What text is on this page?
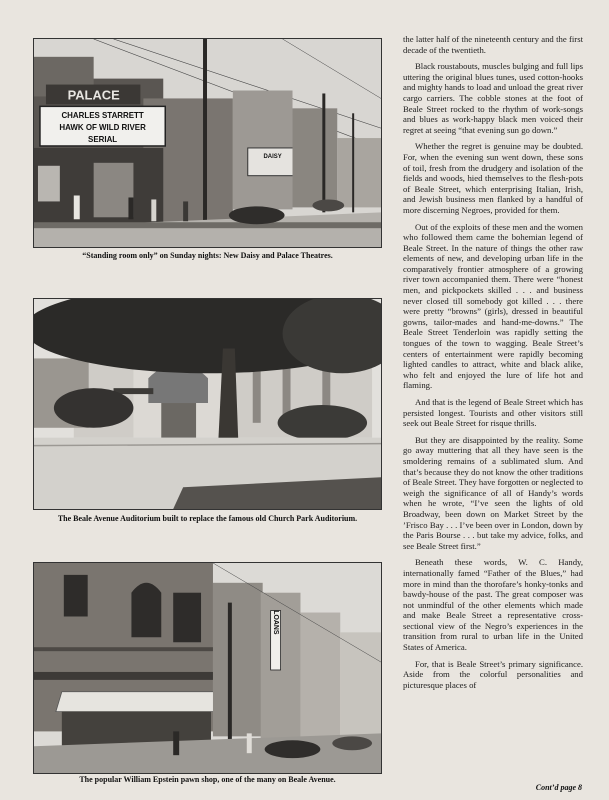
PALACE
CHARLES STARRETT
HAWK OF WILD RIVER
SERIAL
DAISY
“Standing room only” on Sunday nights: New Daisy and Palace Theatres.
The Beale Avenue Auditorium built to replace the famous old Church Park Auditorium.
LOANS
The popular William Epstein pawn shop, one of the many on Beale Avenue.

the latter half of the nineteenth century and the first decade of the twentieth.

Black roustabouts, muscles bulging and full lips uttering the original blues tunes, used cotton-hooks and mighty hands to load and unload the great river cargo carriers. The cobble stones at the foot of Beale Street rocked to the rhythm of work-songs and blues as work-happy black men voiced their regret at seeing “that evening sun go down.”

Whether the regret is genuine may be doubted. For, when the evening sun went down, these sons of toil, fresh from the drudgery and isolation of the fields and woods, hied themselves to the flesh-pots of Beale Street, which enterprising Italian, Irish, and Jewish business men flanked by a handful of more discerning Negroes, provided for them.

Out of the exploits of these men and the women who followed them came the bohemian legend of Beale Street. In the nature of things the other raw elements of new, and developing urban life in the comparatively frontier atmosphere of a growing river town accompanied them. There were “honest men, and pickpockets skilled . . . and business never closed till somebody got killed . . . there were pretty “browns” (girls), dressed in beautiful gowns, tailor-mades and hand-me-downs.” The Beale Street Tenderloin was rapidly setting the tongues of the town to wagging. Beale Street’s centers of entertainment were rapidly becoming lighted candles to attract, white and black alike, who felt and enjoyed the lure of life hot and flaming.

And that is the legend of Beale Street which has persisted longest. Tourists and other visitors still seek out Beale Street for risque thrills.

But they are disappointed by the reality. Some go away muttering that all they have seen is the smoldering remains of a sublimated slum. And that’s because they do not know the other traditions of Beale Street. They have forgotten or neglected to weigh the significance of all of Handy’s words when he wrote, “I’ve seen the lights of old Broadway, been down on Market Street by the ’Frisco Bay . . . I’ve been over in London, down by the Paris Bourse . . . but take my advice, folks, and see Beale Street first.”

Beneath these words, W. C. Handy, internationally famed “Father of the Blues,” had more in mind than the thorofare’s honky-tonks and bawdy-house of the past. The great composer was not unmindful of the other elements which made and make Beale Street a representative cross-sectional view of the Negro’s experiences in the transition from rural to urban life in the United States of America.

For, that is Beale Street’s primary significance. Aside from the colorful personalities and picturesque places of

Cont’d page 8
